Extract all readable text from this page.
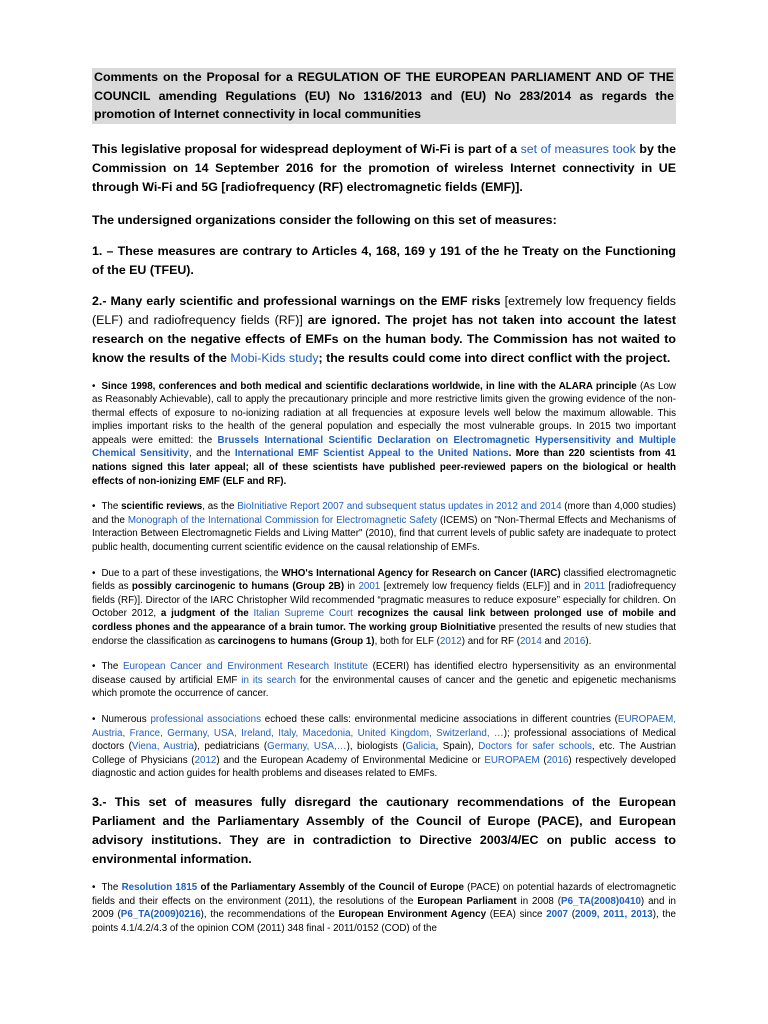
Comments on the Proposal for a REGULATION OF THE EUROPEAN PARLIAMENT AND OF THE COUNCIL amending Regulations (EU) No 1316/2013 and (EU) No 283/2014 as regards the promotion of Internet connectivity in local communities

This legislative proposal for widespread deployment of Wi-Fi is part of a set of measures took by the Commission on 14 September 2016 for the promotion of wireless Internet connectivity in UE through Wi-Fi and 5G [radiofrequency (RF) electromagnetic fields (EMF)].

The undersigned organizations consider the following on this set of measures:

1. – These measures are contrary to Articles 4, 168, 169 y 191 of the he Treaty on the Functioning of the EU (TFEU).

2.- Many early scientific and professional warnings on the EMF risks [extremely low frequency fields (ELF) and radiofrequency fields (RF)] are ignored. The projet has not taken into account the latest research on the negative effects of EMFs on the human body. The Commission has not waited to know the results of the Mobi-Kids study; the results could come into direct conflict with the project.

• Since 1998, conferences and both medical and scientific declarations worldwide, in line with the ALARA principle (As Low as Reasonably Achievable), call to apply the precautionary principle and more restrictive limits given the growing evidence of the non-thermal effects of exposure to no-ionizing radiation at all frequencies at exposure levels well below the maximum allowable. This implies important risks to the health of the general population and especially the most vulnerable groups. In 2015 two important appeals were emitted: the Brussels International Scientific Declaration on Electromagnetic Hypersensitivity and Multiple Chemical Sensitivity, and the International EMF Scientist Appeal to the United Nations. More than 220 scientists from 41 nations signed this later appeal; all of these scientists have published peer-reviewed papers on the biological or health effects of non-ionizing EMF (ELF and RF).

• The scientific reviews, as the BioInitiative Report 2007 and subsequent status updates in 2012 and 2014 (more than 4,000 studies) and the Monograph of the International Commission for Electromagnetic Safety (ICEMS) on "Non-Thermal Effects and Mechanisms of Interaction Between Electromagnetic Fields and Living Matter" (2010), find that current levels of public safety are inadequate to protect public health, documenting current scientific evidence on the causal relationship of EMFs.

• Due to a part of these investigations, the WHO's International Agency for Research on Cancer (IARC) classified electromagnetic fields as possibly carcinogenic to humans (Group 2B) in 2001 [extremely low frequency fields (ELF)] and in 2011 [radiofrequency fields (RF)]. Director of the IARC Christopher Wild recommended “pragmatic measures to reduce exposure” especially for children. On October 2012, a judgment of the Italian Supreme Court recognizes the causal link between prolonged use of mobile and cordless phones and the appearance of a brain tumor. The working group BioInitiative presented the results of new studies that endorse the classification as carcinogens to humans (Group 1), both for ELF (2012) and for RF (2014 and 2016).

• The European Cancer and Environment Research Institute (ECERI) has identified electro hypersensitivity as an environmental disease caused by artificial EMF in its search for the environmental causes of cancer and the genetic and epigenetic mechanisms which promote the occurrence of cancer.

• Numerous professional associations echoed these calls: environmental medicine associations in different countries (EUROPAEM, Austria, France, Germany, USA, Ireland, Italy, Macedonia, United Kingdom, Switzerland, …); professional associations of Medical doctors (Viena, Austria), pediatricians (Germany, USA,…), biologists (Galicia, Spain), Doctors for safer schools, etc. The Austrian College of Physicians (2012) and the European Academy of Environmental Medicine or EUROPAEM (2016) respectively developed diagnostic and action guides for health problems and diseases related to EMFs.

3.- This set of measures fully disregard the cautionary recommendations of the European Parliament and the Parliamentary Assembly of the Council of Europe (PACE), and European advisory institutions. They are in contradiction to Directive 2003/4/EC on public access to environmental information.

• The Resolution 1815 of the Parliamentary Assembly of the Council of Europe (PACE) on potential hazards of electromagnetic fields and their effects on the environment (2011), the resolutions of the European Parliament in 2008 (P6_TA(2008)0410) and in 2009 (P6_TA(2009)0216), the recommendations of the European Environment Agency (EEA) since 2007 (2009, 2011, 2013), the points 4.1/4.2/4.3 of the opinion COM (2011) 348 final - 2011/0152 (COD) of the
